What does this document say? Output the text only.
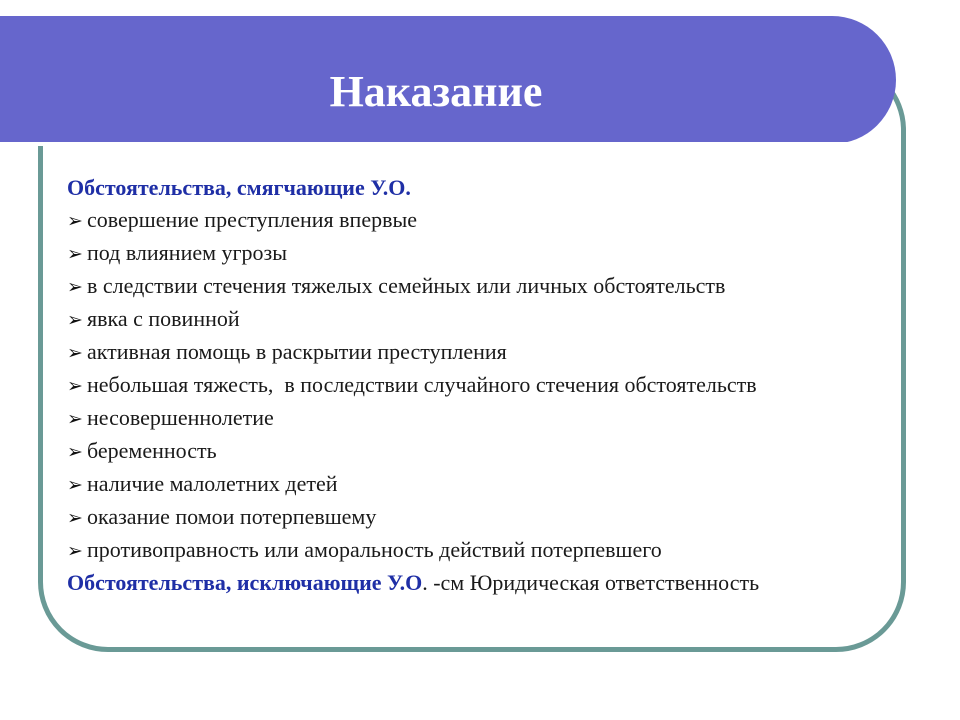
Наказание
Обстоятельства, смягчающие У.О.
➢ совершение преступления впервые
➢ под влиянием угрозы
➢ в следствии стечения тяжелых семейных или личных обстоятельств
➢ явка с повинной
➢ активная помощь в раскрытии преступления
➢ небольшая тяжесть,  в последствии случайного стечения обстоятельств
➢ несовершеннолетие
➢ беременность
➢ наличие малолетних детей
➢ оказание помои потерпевшему
➢ противоправность или аморальность действий потерпевшего
Обстоятельства, исключающие У.О. -см Юридическая ответственность
